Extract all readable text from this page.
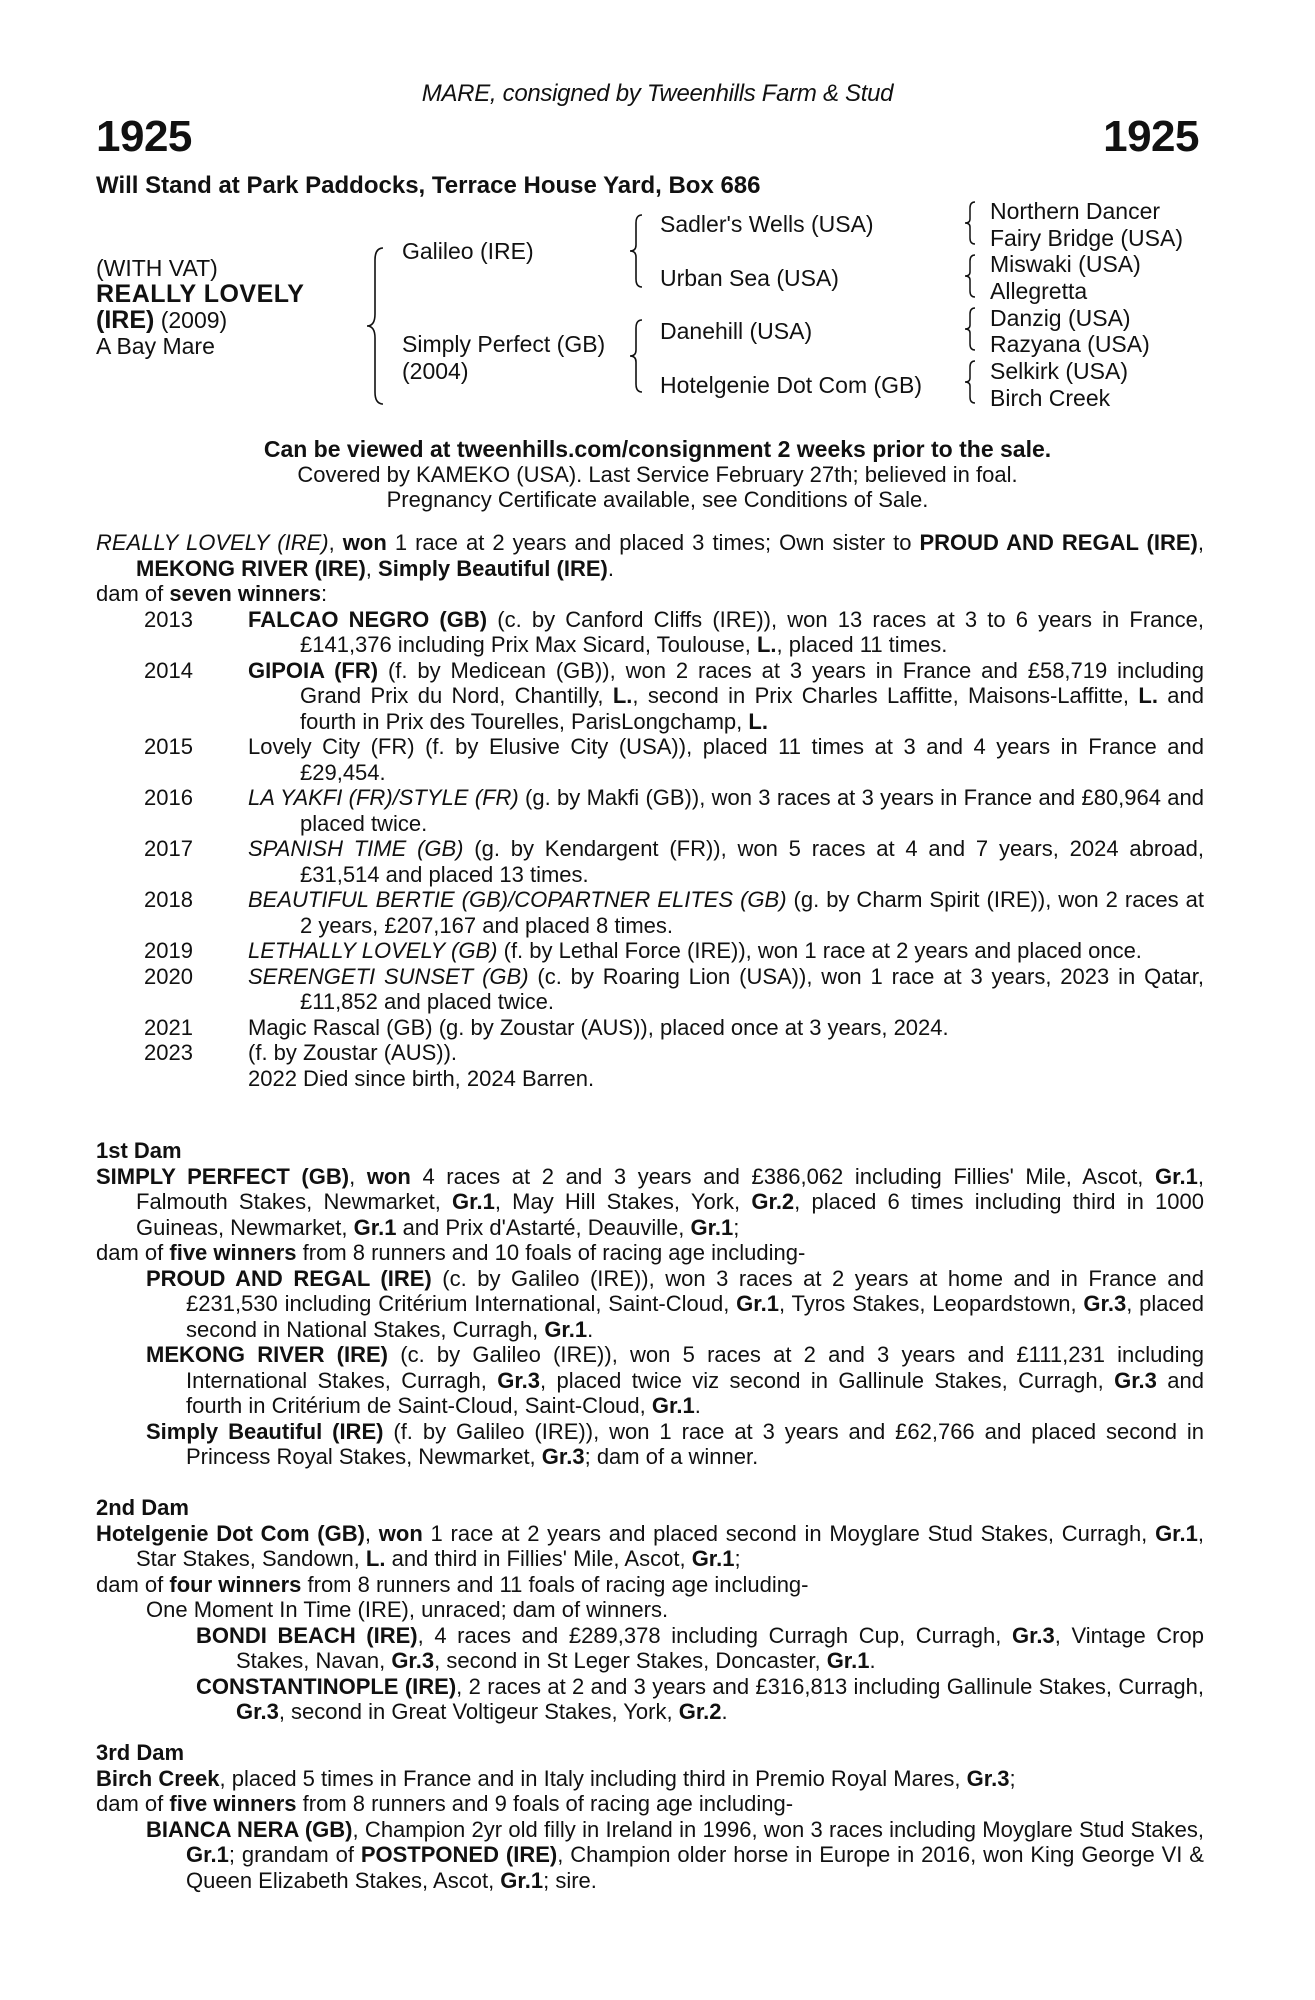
MARE, consigned by Tweenhills Farm & Stud
1925	1925
Will Stand at Park Paddocks, Terrace House Yard, Box 686
(WITH VAT)
REALLY LOVELY
(IRE) (2009)
A Bay Mare
Galileo (IRE)
Simply Perfect (GB)
(2004)
Sadler's Wells (USA)
Urban Sea (USA)
Danehill (USA)
Hotelgenie Dot Com (GB)
Northern Dancer
Fairy Bridge (USA)
Miswaki (USA)
Allegretta
Danzig (USA)
Razyana (USA)
Selkirk (USA)
Birch Creek
Can be viewed at tweenhills.com/consignment 2 weeks prior to the sale.
Covered by KAMEKO (USA). Last Service February 27th; believed in foal.
Pregnancy Certificate available, see Conditions of Sale.

REALLY LOVELY (IRE), won 1 race at 2 years and placed 3 times; Own sister to PROUD AND REGAL (IRE), MEKONG RIVER (IRE), Simply Beautiful (IRE).

dam of seven winners:

2013	FALCAO NEGRO (GB) (c. by Canford Cliffs (IRE)), won 13 races at 3 to 6 years in France, £141,376 including Prix Max Sicard, Toulouse, L., placed 11 times.
2014	GIPOIA (FR) (f. by Medicean (GB)), won 2 races at 3 years in France and £58,719 including Grand Prix du Nord, Chantilly, L., second in Prix Charles Laffitte, Maisons-Laffitte, L. and fourth in Prix des Tourelles, ParisLongchamp, L.
2015	Lovely City (FR) (f. by Elusive City (USA)), placed 11 times at 3 and 4 years in France and £29,454.
2016	LA YAKFI (FR)/STYLE (FR) (g. by Makfi (GB)), won 3 races at 3 years in France and £80,964 and placed twice.
2017	SPANISH TIME (GB) (g. by Kendargent (FR)), won 5 races at 4 and 7 years, 2024 abroad, £31,514 and placed 13 times.
2018	BEAUTIFUL BERTIE (GB)/COPARTNER ELITES (GB) (g. by Charm Spirit (IRE)), won 2 races at 2 years, £207,167 and placed 8 times.
2019	LETHALLY LOVELY (GB) (f. by Lethal Force (IRE)), won 1 race at 2 years and placed once.
2020	SERENGETI SUNSET (GB) (c. by Roaring Lion (USA)), won 1 race at 3 years, 2023 in Qatar, £11,852 and placed twice.
2021	Magic Rascal (GB) (g. by Zoustar (AUS)), placed once at 3 years, 2024.
2023	(f. by Zoustar (AUS)).
2022 Died since birth, 2024 Barren.
1st Dam

SIMPLY PERFECT (GB), won 4 races at 2 and 3 years and £386,062 including Fillies' Mile, Ascot, Gr.1, Falmouth Stakes, Newmarket, Gr.1, May Hill Stakes, York, Gr.2, placed 6 times including third in 1000 Guineas, Newmarket, Gr.1 and Prix d'Astarté, Deauville, Gr.1;

dam of five winners from 8 runners and 10 foals of racing age including-

PROUD AND REGAL (IRE) (c. by Galileo (IRE)), won 3 races at 2 years at home and in France and £231,530 including Critérium International, Saint-Cloud, Gr.1, Tyros Stakes, Leopardstown, Gr.3, placed second in National Stakes, Curragh, Gr.1.

MEKONG RIVER (IRE) (c. by Galileo (IRE)), won 5 races at 2 and 3 years and £111,231 including International Stakes, Curragh, Gr.3, placed twice viz second in Gallinule Stakes, Curragh, Gr.3 and fourth in Critérium de Saint-Cloud, Saint-Cloud, Gr.1.

Simply Beautiful (IRE) (f. by Galileo (IRE)), won 1 race at 3 years and £62,766 and placed second in Princess Royal Stakes, Newmarket, Gr.3; dam of a winner.

2nd Dam

Hotelgenie Dot Com (GB), won 1 race at 2 years and placed second in Moyglare Stud Stakes, Curragh, Gr.1, Star Stakes, Sandown, L. and third in Fillies' Mile, Ascot, Gr.1;

dam of four winners from 8 runners and 11 foals of racing age including-

One Moment In Time (IRE), unraced; dam of winners.

BONDI BEACH (IRE), 4 races and £289,378 including Curragh Cup, Curragh, Gr.3, Vintage Crop Stakes, Navan, Gr.3, second in St Leger Stakes, Doncaster, Gr.1.

CONSTANTINOPLE (IRE), 2 races at 2 and 3 years and £316,813 including Gallinule Stakes, Curragh, Gr.3, second in Great Voltigeur Stakes, York, Gr.2.

3rd Dam

Birch Creek, placed 5 times in France and in Italy including third in Premio Royal Mares, Gr.3;

dam of five winners from 8 runners and 9 foals of racing age including-

BIANCA NERA (GB), Champion 2yr old filly in Ireland in 1996, won 3 races including Moyglare Stud Stakes, Gr.1; grandam of POSTPONED (IRE), Champion older horse in Europe in 2016, won King George VI & Queen Elizabeth Stakes, Ascot, Gr.1; sire.
